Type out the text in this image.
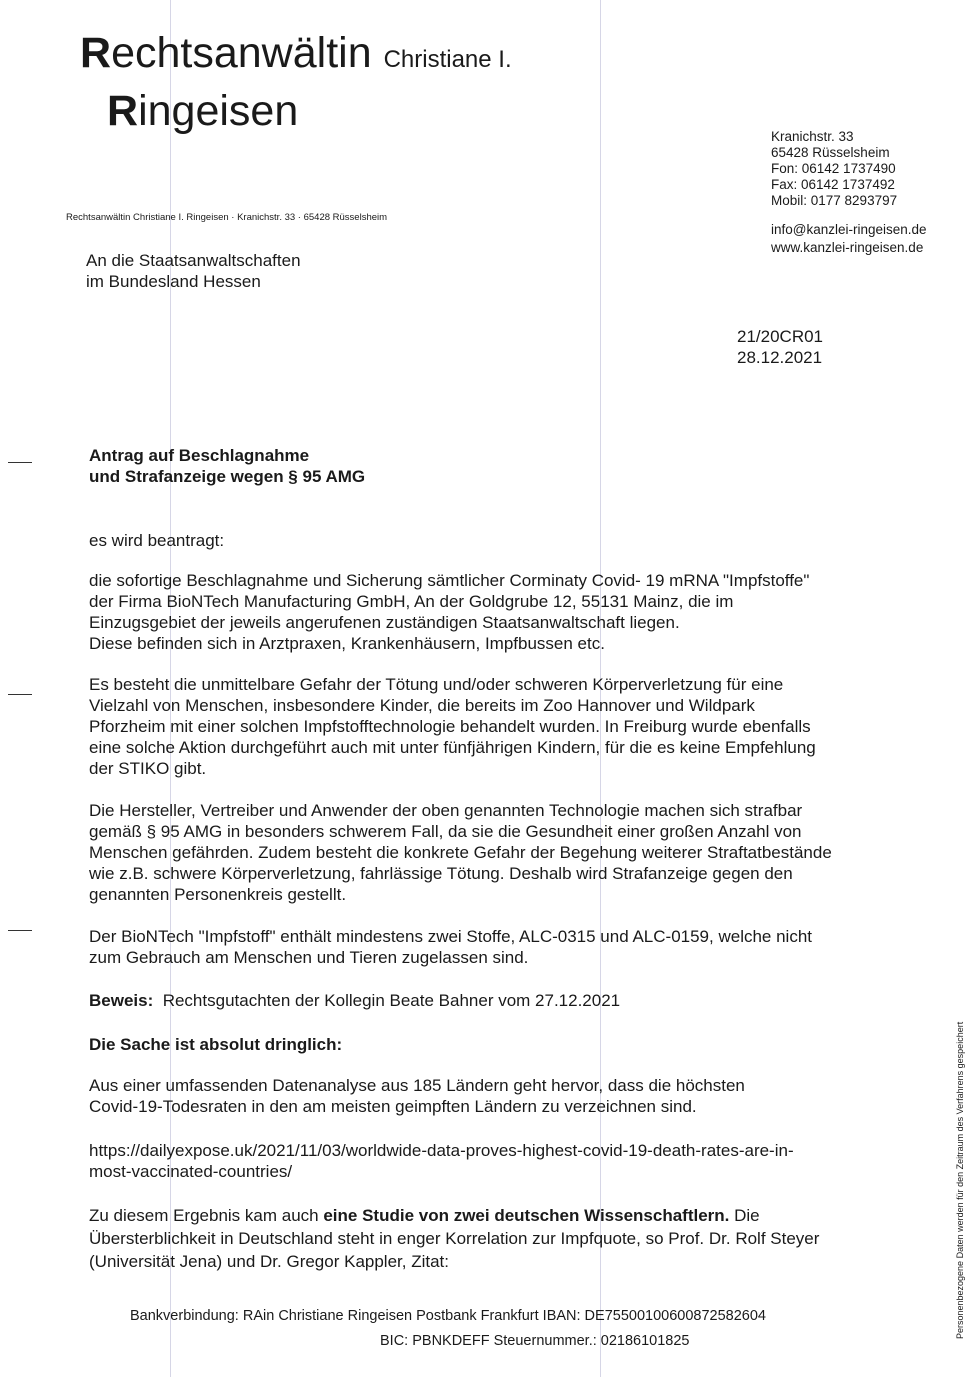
Rechtsanwältin Christiane I.
Ringeisen
Kranichstr. 33
65428 Rüsselsheim
Fon: 06142 1737490
Fax: 06142 1737492
Mobil: 0177 8293797
info@kanzlei-ringeisen.de
www.kanzlei-ringeisen.de
Rechtsanwältin Christiane I. Ringeisen · Kranichstr. 33 · 65428 Rüsselsheim
An die Staatsanwaltschaften
im Bundesland Hessen
21/20CR01
28.12.2021
Antrag auf Beschlagnahme
und Strafanzeige wegen § 95 AMG

es wird beantragt:

die sofortige Beschlagnahme und Sicherung sämtlicher Corminaty Covid- 19 mRNA "Impfstoffe"

der Firma BioNTech Manufacturing GmbH, An der Goldgrube 12, 55131 Mainz, die im

Einzugsgebiet der jeweils angerufenen zuständigen Staatsanwaltschaft liegen.

Diese befinden sich in Arztpraxen, Krankenhäusern, Impfbussen etc.

Es besteht die unmittelbare Gefahr der Tötung und/oder schweren Körperverletzung für eine

Vielzahl von Menschen, insbesondere Kinder, die bereits im Zoo Hannover und Wildpark

Pforzheim mit einer solchen Impfstofftechnologie behandelt wurden. In Freiburg wurde ebenfalls

eine solche Aktion durchgeführt auch mit unter fünfjährigen Kindern, für die es keine Empfehlung

der STIKO gibt.

Die Hersteller, Vertreiber und Anwender der oben genannten Technologie machen sich strafbar

gemäß § 95 AMG in besonders schwerem Fall, da sie die Gesundheit einer großen Anzahl von

Menschen gefährden. Zudem besteht die konkrete Gefahr der Begehung weiterer Straftatbestände

wie z.B. schwere Körperverletzung, fahrlässige Tötung. Deshalb wird Strafanzeige gegen den

genannten Personenkreis gestellt.

Der BioNTech "Impfstoff" enthält mindestens zwei Stoffe, ALC-0315 und ALC-0159, welche nicht

zum Gebrauch am Menschen und Tieren zugelassen sind.

Beweis: Rechtsgutachten der Kollegin Beate Bahner vom 27.12.2021

Die Sache ist absolut dringlich:

Aus einer umfassenden Datenanalyse aus 185 Ländern geht hervor, dass die höchsten

Covid-19-Todesraten in den am meisten geimpften Ländern zu verzeichnen sind.

https://dailyexpose.uk/2021/11/03/worldwide-data-proves-highest-covid-19-death-rates-are-in-

most-vaccinated-countries/

Zu diesem Ergebnis kam auch eine Studie von zwei deutschen Wissenschaftlern. Die

Übersterblichkeit in Deutschland steht in enger Korrelation zur Impfquote, so Prof. Dr. Rolf Steyer

(Universität Jena) und Dr. Gregor Kappler, Zitat:

Bankverbindung: RAin Christiane Ringeisen Postbank Frankfurt IBAN: DE75500100600872582604
BIC: PBNKDEFF Steuernummer.: 02186101825
Personenbezogene Daten werden für den Zeitraum des Verfahrens gespeichert
